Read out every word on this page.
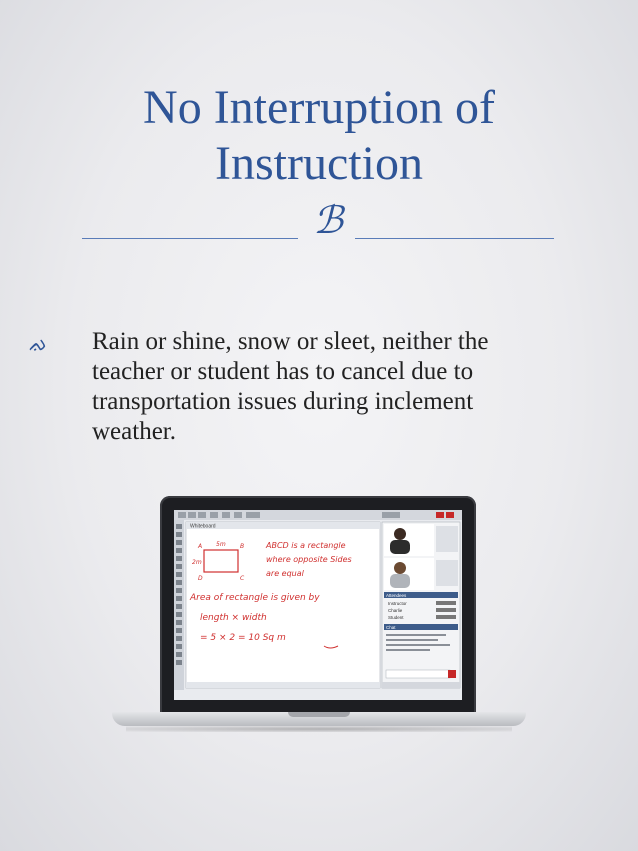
No Interruption of Instruction
ℬ
ᨁ Rain or shine, snow or sleet, neither the teacher or student has to cancel due to transportation issues during inclement weather.
Whiteboard
A 5m B
D
2m
C
ABCD is a rectangle
where opposite Sides
are equal
Area of rectangle is given by
length × width
= 5 × 2 = 10 Sq m
Attendees
Instructor
Charlie
Student
Chat
